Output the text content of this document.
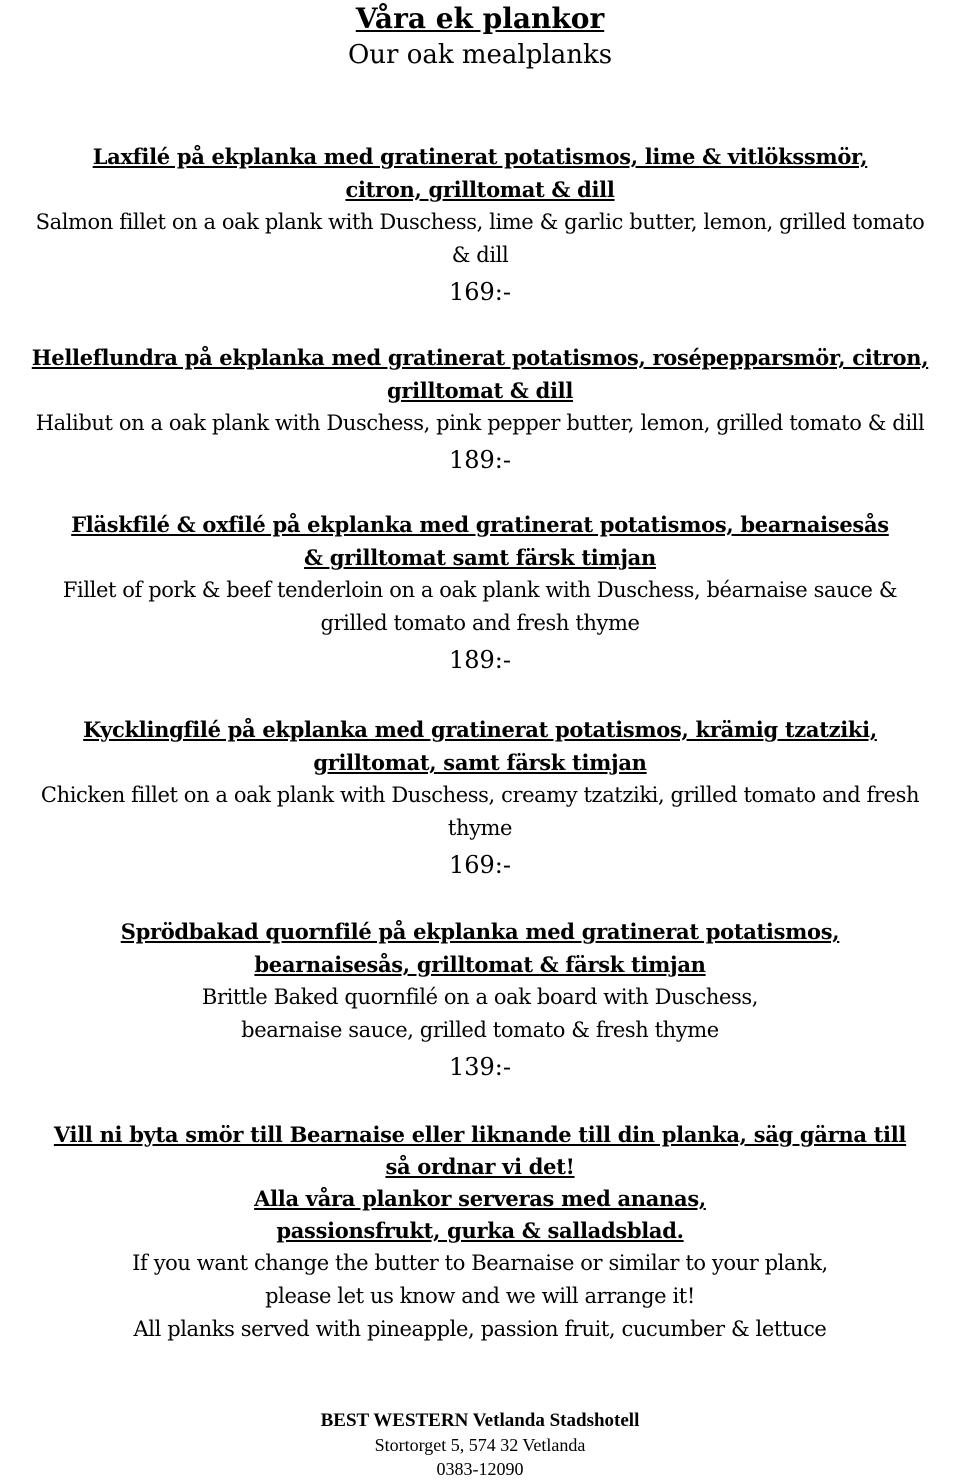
Våra ek plankor

Our oak mealplanks

Laxfilé på ekplanka med gratinerat potatismos, lime & vitlökssmör,

citron, grilltomat & dill

Salmon fillet on a oak plank with Duschess, lime & garlic butter, lemon, grilled tomato

& dill

169:-

Helleflundra på ekplanka med gratinerat potatismos, rosépepparsmör, citron,

grilltomat & dill

Halibut on a oak plank with Duschess, pink pepper butter, lemon, grilled tomato & dill

189:-

Fläskfilé & oxfilé på ekplanka med gratinerat potatismos, bearnaisesås

& grilltomat samt färsk timjan

Fillet of pork & beef tenderloin on a oak plank with Duschess, béarnaise sauce &

grilled tomato and fresh thyme

189:-

Kycklingfilé på ekplanka med gratinerat potatismos, krämig tzatziki,

grilltomat, samt färsk timjan

Chicken fillet on a oak plank with Duschess, creamy tzatziki, grilled tomato and fresh

thyme

169:-

Sprödbakad quornfilé på ekplanka med gratinerat potatismos,

bearnaisesås, grilltomat & färsk timjan

Brittle Baked quornfilé on a oak board with Duschess,

bearnaise sauce, grilled tomato & fresh thyme

139:-

Vill ni byta smör till Bearnaise eller liknande till din planka, säg gärna till

så ordnar vi det!

Alla våra plankor serveras med ananas,

passionsfrukt, gurka & salladsblad.

If you want change the butter to Bearnaise or similar to your plank,

please let us know and we will arrange it!

All planks served with pineapple, passion fruit, cucumber & lettuce

BEST WESTERN Vetlanda Stadshotell

Stortorget 5, 574 32 Vetlanda

0383-12090
